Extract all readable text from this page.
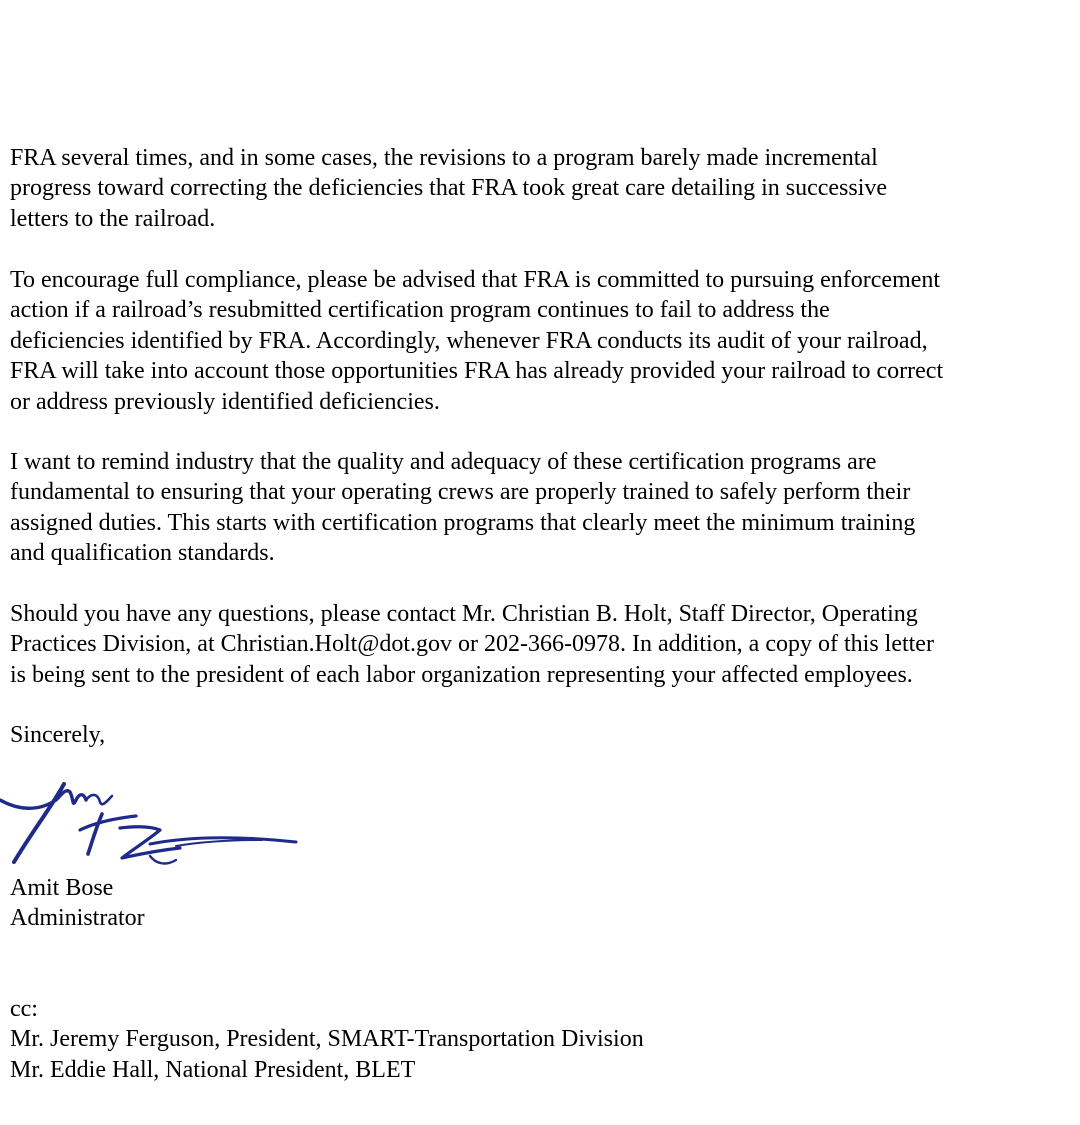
FRA several times, and in some cases, the revisions to a program barely made incremental
progress toward correcting the deficiencies that FRA took great care detailing in successive
letters to the railroad.

To encourage full compliance, please be advised that FRA is committed to pursuing enforcement
action if a railroad’s resubmitted certification program continues to fail to address the
deficiencies identified by FRA. Accordingly, whenever FRA conducts its audit of your railroad,
FRA will take into account those opportunities FRA has already provided your railroad to correct
or address previously identified deficiencies.

I want to remind industry that the quality and adequacy of these certification programs are
fundamental to ensuring that your operating crews are properly trained to safely perform their
assigned duties. This starts with certification programs that clearly meet the minimum training
and qualification standards.

Should you have any questions, please contact Mr. Christian B. Holt, Staff Director, Operating
Practices Division, at Christian.Holt@dot.gov or 202-366-0978. In addition, a copy of this letter
is being sent to the president of each labor organization representing your affected employees.

Sincerely,

Amit Bose
Administrator

cc:
Mr. Jeremy Ferguson, President, SMART-Transportation Division
Mr. Eddie Hall, National President, BLET
